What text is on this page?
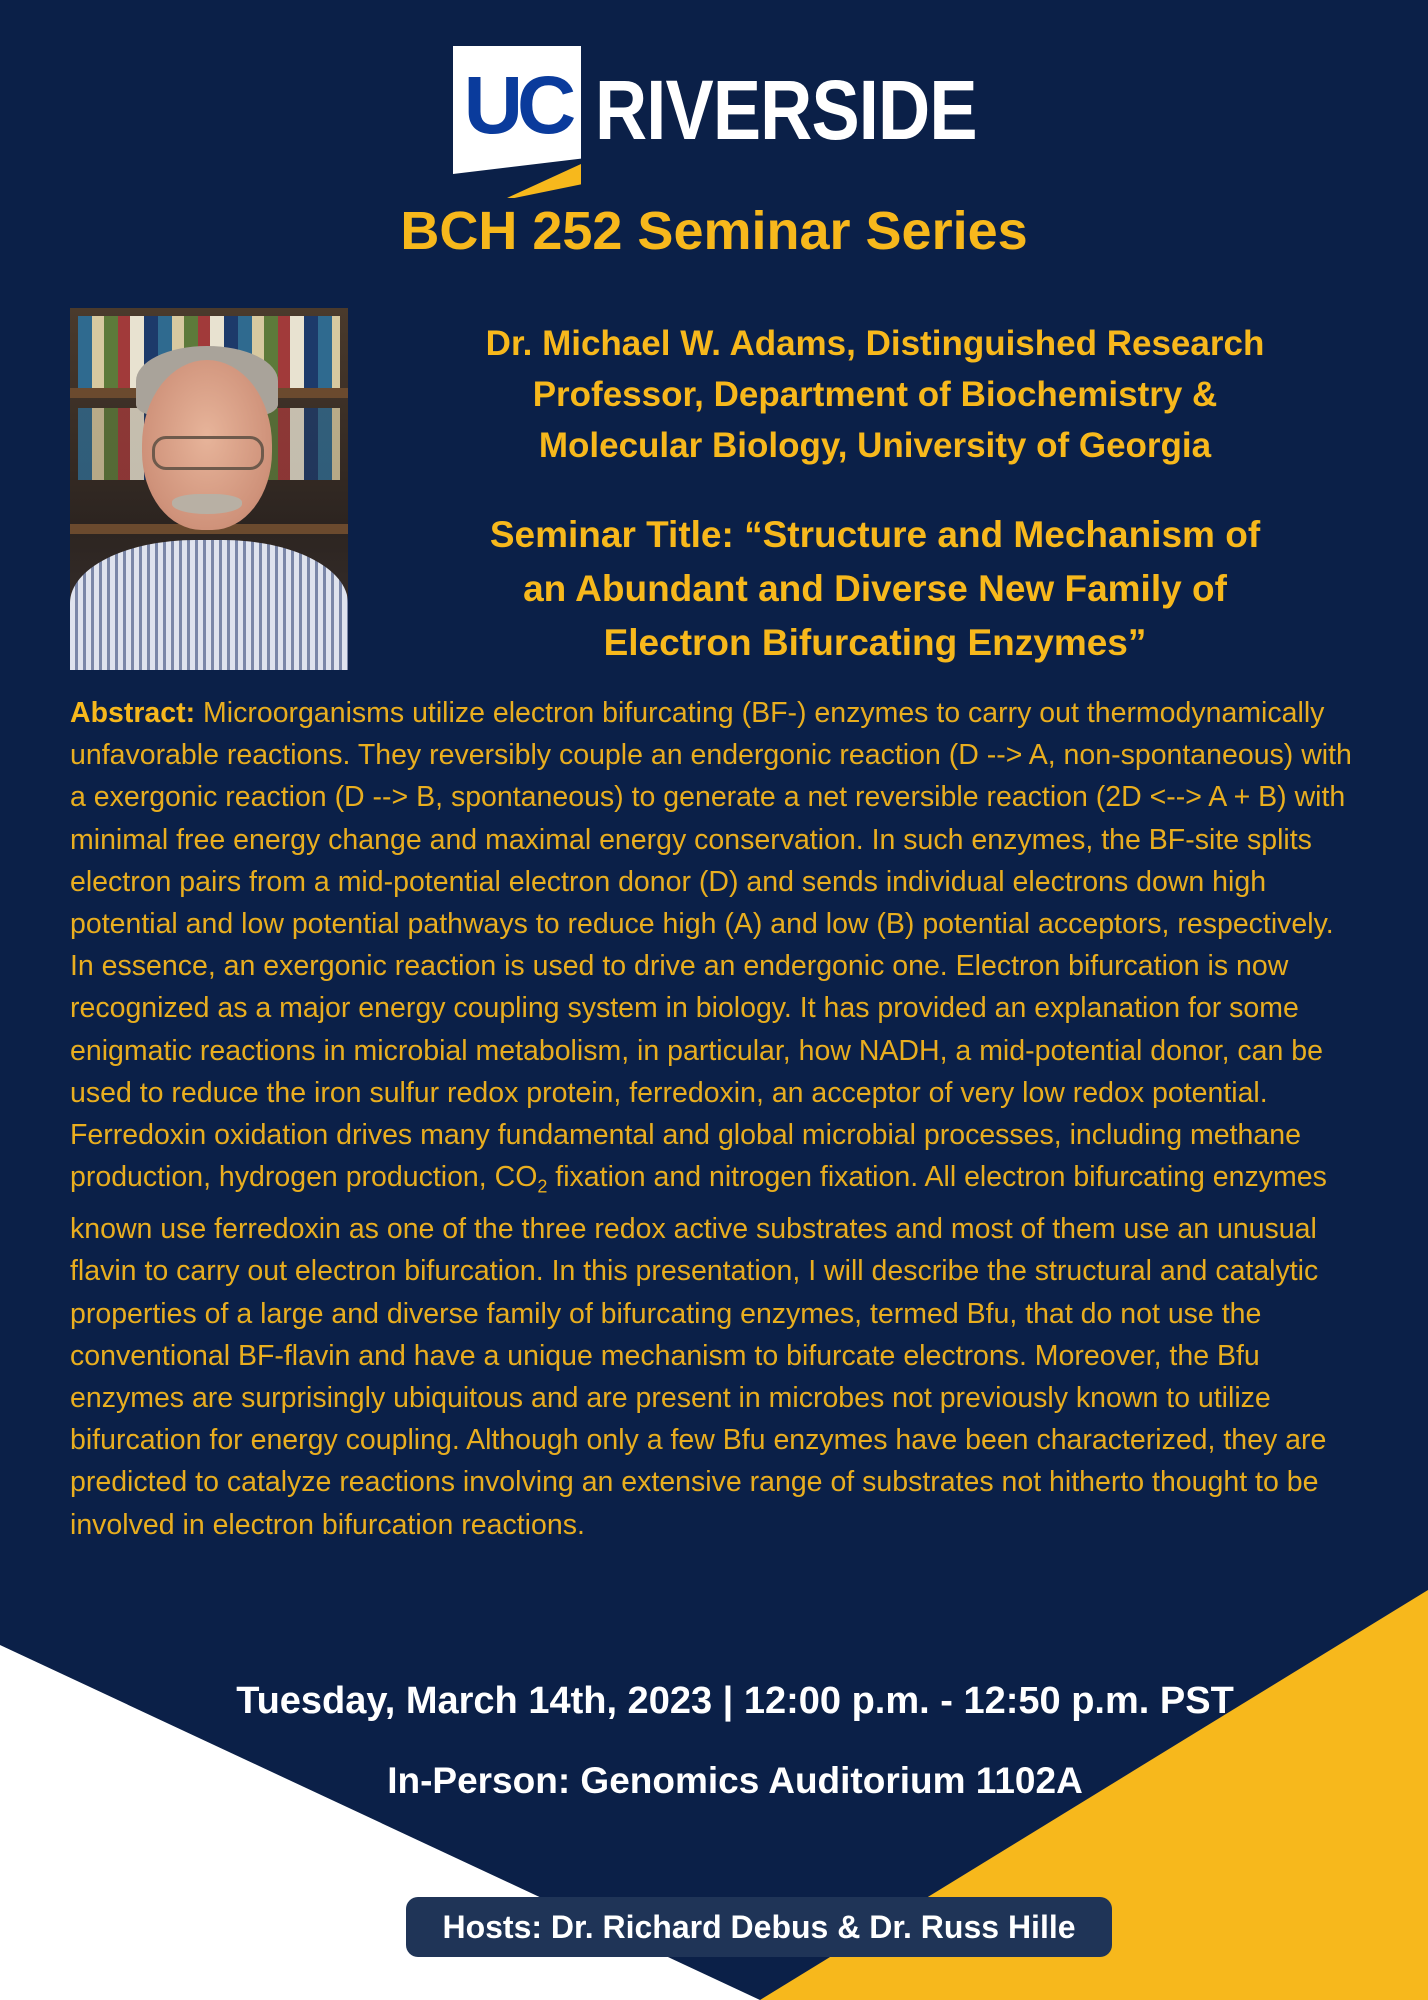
UC RIVERSIDE
BCH 252 Seminar Series
Dr. Michael W. Adams, Distinguished Research
Professor, Department of Biochemistry &
Molecular Biology, University of Georgia
Seminar Title: “Structure and Mechanism of
an Abundant and Diverse New Family of
Electron Bifurcating Enzymes”
Abstract: Microorganisms utilize electron bifurcating (BF-) enzymes to carry out thermodynamically unfavorable reactions. They reversibly couple an endergonic reaction (D --> A, non-spontaneous) with a exergonic reaction (D --> B, spontaneous) to generate a net reversible reaction (2D <--> A + B) with minimal free energy change and maximal energy conservation. In such enzymes, the BF-site splits electron pairs from a mid-potential electron donor (D) and sends individual electrons down high potential and low potential pathways to reduce high (A) and low (B) potential acceptors, respectively. In essence, an exergonic reaction is used to drive an endergonic one. Electron bifurcation is now recognized as a major energy coupling system in biology. It has provided an explanation for some enigmatic reactions in microbial metabolism, in particular, how NADH, a mid-potential donor, can be used to reduce the iron sulfur redox protein, ferredoxin, an acceptor of very low redox potential. Ferredoxin oxidation drives many fundamental and global microbial processes, including methane production, hydrogen production, $CO_2$ fixation and nitrogen fixation. All electron bifurcating enzymes known use ferredoxin as one of the three redox active substrates and most of them use an unusual flavin to carry out electron bifurcation. In this presentation, I will describe the structural and catalytic properties of a large and diverse family of bifurcating enzymes, termed Bfu, that do not use the conventional BF-flavin and have a unique mechanism to bifurcate electrons. Moreover, the Bfu enzymes are surprisingly ubiquitous and are present in microbes not previously known to utilize bifurcation for energy coupling. Although only a few Bfu enzymes have been characterized, they are predicted to catalyze reactions involving an extensive range of substrates not hitherto thought to be involved in electron bifurcation reactions.
Tuesday, March 14th, 2023 | 12:00 p.m. - 12:50 p.m. PST
In-Person: Genomics Auditorium 1102A
Hosts: Dr. Richard Debus & Dr. Russ Hille
